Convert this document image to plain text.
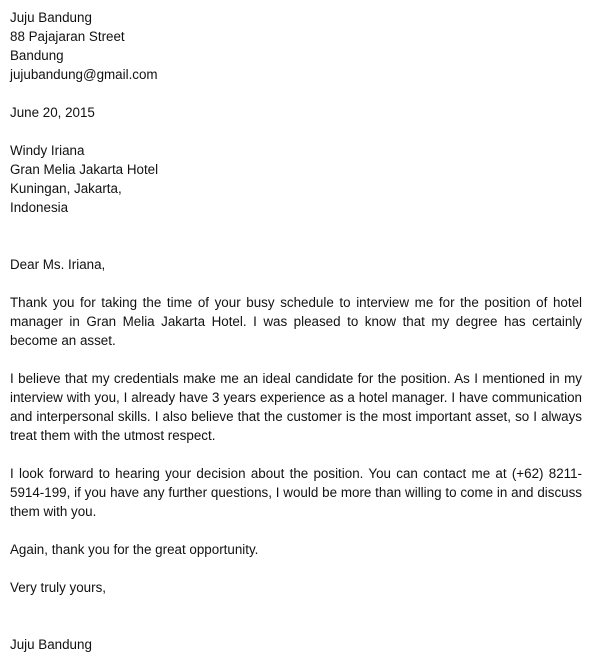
Juju Bandung
88 Pajajaran Street
Bandung
jujubandung@gmail.com
June 20, 2015
Windy Iriana
Gran Melia Jakarta Hotel
Kuningan, Jakarta,
Indonesia
Dear Ms. Iriana,

Thank you for taking the time of your busy schedule to interview me for the position of hotel manager in Gran Melia Jakarta Hotel. I was pleased to know that my degree has certainly become an asset.

I believe that my credentials make me an ideal candidate for the position. As I mentioned in my interview with you, I already have 3 years experience as a hotel manager. I have communication and interpersonal skills. I also believe that the customer is the most important asset, so I always treat them with the utmost respect.

I look forward to hearing your decision about the position. You can contact me at (+62) 8211-5914-199, if you have any further questions, I would be more than willing to come in and discuss them with you.

Again, thank you for the great opportunity.

Very truly yours,
Juju Bandung
